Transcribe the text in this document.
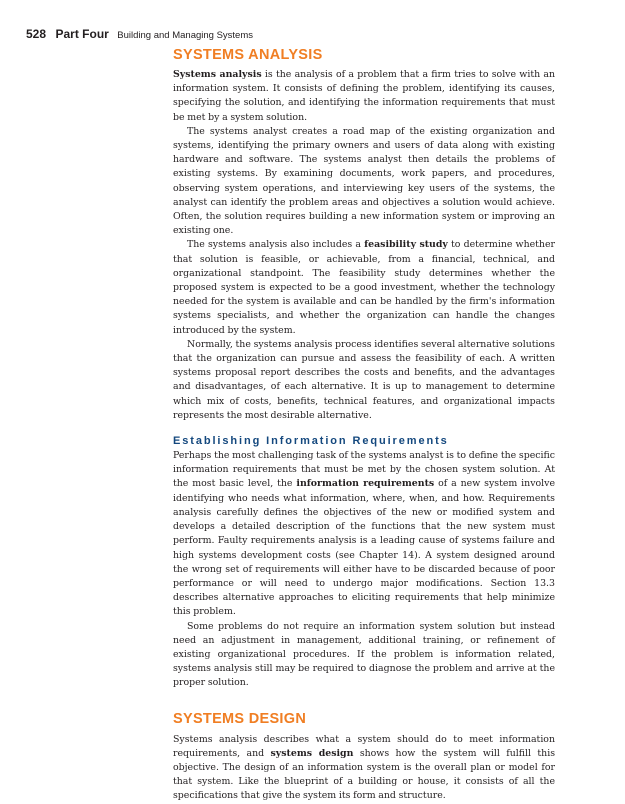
528 Part Four Building and Managing Systems
SYSTEMS ANALYSIS

Systems analysis is the analysis of a problem that a firm tries to solve with an information system. It consists of defining the problem, identifying its causes, specifying the solution, and identifying the information requirements that must be met by a system solution.

The systems analyst creates a road map of the existing organization and systems, identifying the primary owners and users of data along with existing hardware and software. The systems analyst then details the problems of existing systems. By examining documents, work papers, and procedures, observing system operations, and interviewing key users of the systems, the analyst can identify the problem areas and objectives a solution would achieve. Often, the solution requires building a new information system or improving an existing one.

The systems analysis also includes a feasibility study to determine whether that solution is feasible, or achievable, from a financial, technical, and organizational standpoint. The feasibility study determines whether the proposed system is expected to be a good investment, whether the technology needed for the system is available and can be handled by the firm's information systems specialists, and whether the organization can handle the changes introduced by the system.

Normally, the systems analysis process identifies several alternative solutions that the organization can pursue and assess the feasibility of each. A written systems proposal report describes the costs and benefits, and the advantages and disadvantages, of each alternative. It is up to management to determine which mix of costs, benefits, technical features, and organizational impacts represents the most desirable alternative.

Establishing Information Requirements

Perhaps the most challenging task of the systems analyst is to define the specific information requirements that must be met by the chosen system solution. At the most basic level, the information requirements of a new system involve identifying who needs what information, where, when, and how. Requirements analysis carefully defines the objectives of the new or modified system and develops a detailed description of the functions that the new system must perform. Faulty requirements analysis is a leading cause of systems failure and high systems development costs (see Chapter 14). A system designed around the wrong set of requirements will either have to be discarded because of poor performance or will need to undergo major modifications. Section 13.3 describes alternative approaches to eliciting requirements that help minimize this problem.

Some problems do not require an information system solution but instead need an adjustment in management, additional training, or refinement of existing organizational procedures. If the problem is information related, systems analysis still may be required to diagnose the problem and arrive at the proper solution.

SYSTEMS DESIGN

Systems analysis describes what a system should do to meet information requirements, and systems design shows how the system will fulfill this objective. The design of an information system is the overall plan or model for that system. Like the blueprint of a building or house, it consists of all the specifications that give the system its form and structure.
